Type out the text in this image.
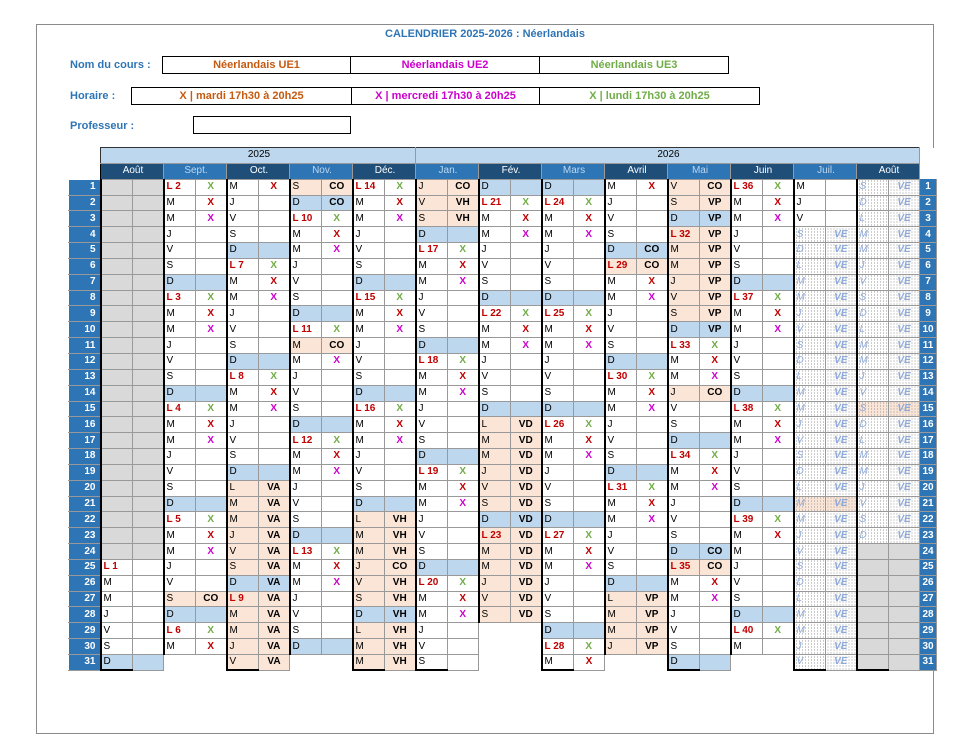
CALENDRIER 2025-2026 : Néerlandais
Nom du cours :	Néerlandais UE1	Néerlandais UE2	Néerlandais UE3
Horaire :	X | mardi 17h30 à 20h25	X | mercredi 17h30 à 20h25	X | lundi 17h30 à 20h25
Professeur :
	2025										2026																
	Août		Sept.		Oct.		Nov.		Déc.		Jan.		Fév.		Mars		Avril		Mai		Juin		Juil.		Août		
1			L 2	X	M	X	S	CO	L 14	X	J	CO	D		D		M	X	V	CO	L 36	X	M		S	VE	1
2			M	X	J		D	CO	M	X	V	VH	L 21	X	L 24	X	J		S	VP	M	X	J		D	VE	2
3			M	X	V		L 10	X	M	X	S	VH	M	X	M	X	V		D	VP	M	X	V		L	VE	3
4			J		S		M	X	J		D		M	X	M	X	S		L 32	VP	J		S	VE	M	VE	4
5			V		D		M	X	V		L 17	X	J		J		D	CO	M	VP	V		D	VE	M	VE	5
6			S		L 7	X	J		S		M	X	V		V		L 29	CO	M	VP	S		L	VE	J	VE	6
7			D		M	X	V		D		M	X	S		S		M	X	J	VP	D		M	VE	V	VE	7
8			L 3	X	M	X	S		L 15	X	J		D		D		M	X	V	VP	L 37	X	M	VE	S	VE	8
9			M	X	J		D		M	X	V		L 22	X	L 25	X	J		S	VP	M	X	J	VE	D	VE	9
10			M	X	V		L 11	X	M	X	S		M	X	M	X	V		D	VP	M	X	V	VE	L	VE	10
11			J		S		M	CO	J		D		M	X	M	X	S		L 33	X	J		S	VE	M	VE	11
12			V		D		M	X	V		L 18	X	J		J		D		M	X	V		D	VE	M	VE	12
13			S		L 8	X	J		S		M	X	V		V		L 30	X	M	X	S		L	VE	J	VE	13
14			D		M	X	V		D		M	X	S		S		M	X	J	CO	D		M	VE	V	VE	14
15			L 4	X	M	X	S		L 16	X	J		D		D		M	X	V		L 38	X	M	VE	S	VE	15
16			M	X	J		D		M	X	V		L	VD	L 26	X	J		S		M	X	J	VE	D	VE	16
17			M	X	V		L 12	X	M	X	S		M	VD	M	X	V		D		M	X	V	VE	L	VE	17
18			J		S		M	X	J		D		M	VD	M	X	S		L 34	X	J		S	VE	M	VE	18
19			V		D		M	X	V		L 19	X	J	VD	J		D		M	X	V		D	VE	M	VE	19
20			S		L	VA	J		S		M	X	V	VD	V		L 31	X	M	X	S		L	VE	J	VE	20
21			D		M	VA	V		D		M	X	S	VD	S		M	X	J		D		M	VE	V	VE	21
22			L 5	X	M	VA	S		L	VH	J		D	VD	D		M	X	V		L 39	X	M	VE	S	VE	22
23			M	X	J	VA	D		M	VH	V		L 23	VD	L 27	X	J		S		M	X	J	VE	D	VE	23
24			M	X	V	VA	L 13	X	M	VH	S		M	VD	M	X	V		D	CO	M		V	VE			24
25	L 1		J		S	VA	M	X	J	CO	D		M	VD	M	X	S		L 35	CO	J		S	VE			25
26	M		V		D	VA	M	X	V	VH	L 20	X	J	VD	J		D		M	X	V		D	VE			26
27	M		S	CO	L 9	VA	J		S	VH	M	X	V	VD	V		L	VP	M	X	S		L	VE			27
28	J		D		M	VA	V		D	VH	M	X	S	VD	S		M	VP	J		D		M	VE			28
29	V		L 6	X	M	VA	S		L	VH	J				D		M	VP	V		L 40	X	M	VE			29
30	S		M	X	J	VA	D		M	VH	V				L 28	X	J	VP	S		M		J	VE			30
31	D				V	VA			M	VH	S				M	X			D				V	VE			31
